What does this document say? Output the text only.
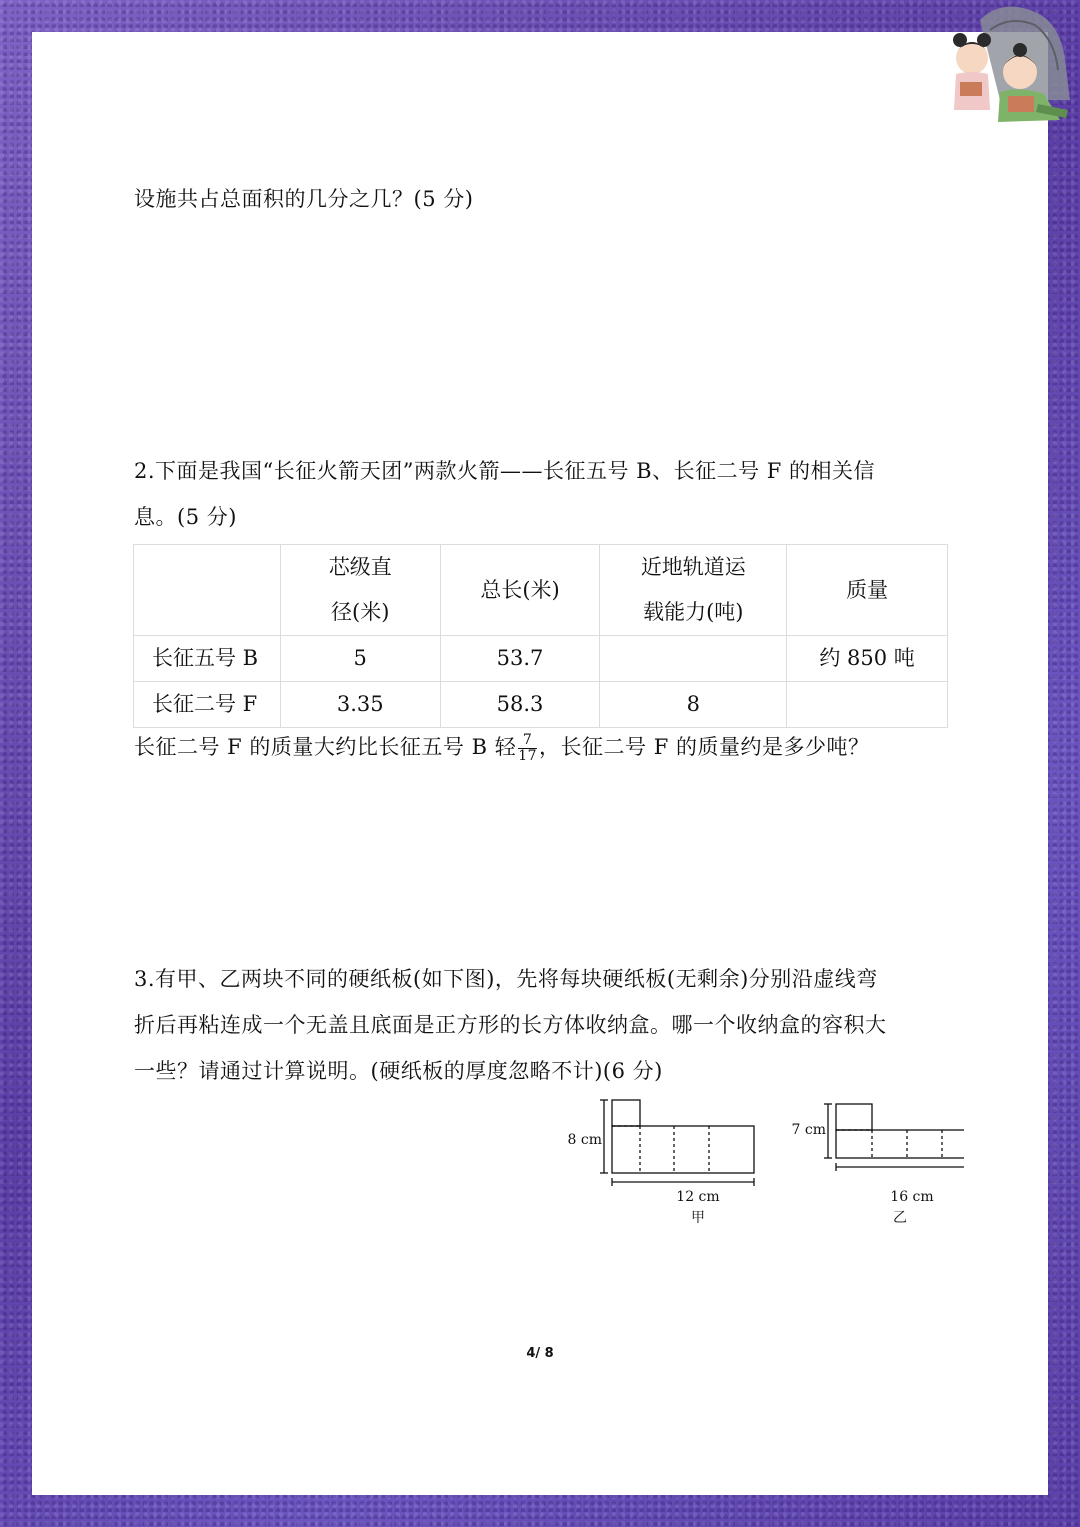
设施共占总面积的几分之几？(5 分)
2.下面是我国“长征火箭天团”两款火箭——长征五号 B、长征二号 F 的相关信
息。(5 分)
	芯级直
径(米)	总长(米)	近地轨道运
载能力(吨)	质量
长征五号 B	5	53.7		约 850 吨
长征二号 F	3.35	58.3	8	
长征二号 F 的质量大约比长征五号 B 轻 $\frac{7}{17}$ ，长征二号 F 的质量约是多少吨？
3.有甲、乙两块不同的硬纸板(如下图)，先将每块硬纸板(无剩余)分别沿虚线弯
折后再粘连成一个无盖且底面是正方形的长方体收纳盒。哪一个收纳盒的容积大
一些？请通过计算说明。(硬纸板的厚度忽略不计)(6 分)
8 cm
12 cm
甲
7 cm
16 cm
乙
4/ 8
